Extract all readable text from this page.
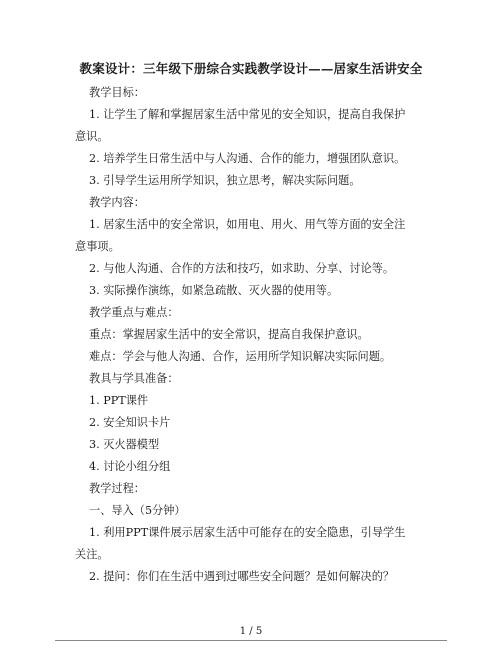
教案设计：三年级下册综合实践教学设计——居家生活讲安全
教学目标：
1. 让学生了解和掌握居家生活中常见的安全知识，提高自我保护
意识。
2. 培养学生日常生活中与人沟通、合作的能力，增强团队意识。
3. 引导学生运用所学知识，独立思考，解决实际问题。
教学内容：
1. 居家生活中的安全常识，如用电、用火、用气等方面的安全注
意事项。
2. 与他人沟通、合作的方法和技巧，如求助、分享、讨论等。
3. 实际操作演练，如紧急疏散、灭火器的使用等。
教学重点与难点：
重点：掌握居家生活中的安全常识，提高自我保护意识。
难点：学会与他人沟通、合作，运用所学知识解决实际问题。
教具与学具准备：
1. PPT课件
2. 安全知识卡片
3. 灭火器模型
4. 讨论小组分组
教学过程：
一、导入（5分钟）
1. 利用PPT课件展示居家生活中可能存在的安全隐患，引导学生
关注。
2. 提问：你们在生活中遇到过哪些安全问题？是如何解决的？
1 / 5
